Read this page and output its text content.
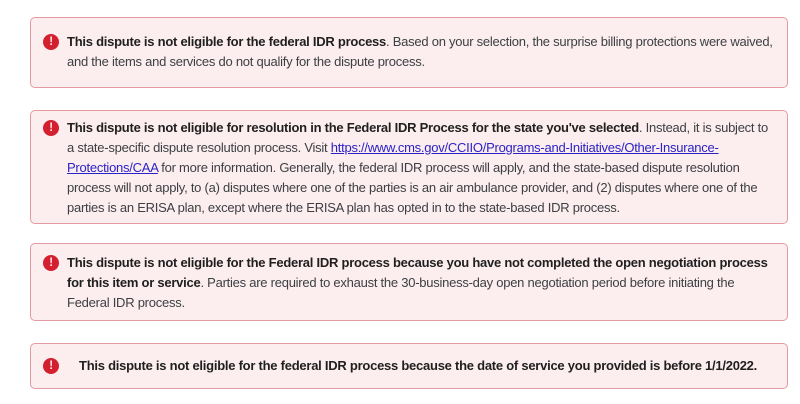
!	This dispute is not eligible for the federal IDR process. Based on your selection, the surprise billing protections were waived, and the items and services do not qualify for the dispute process.
!	This dispute is not eligible for resolution in the Federal IDR Process for the state you've selected. Instead, it is subject to a state-specific dispute resolution process. Visit https://www.cms.gov/CCIIO/Programs-and-Initiatives/Other-Insurance-Protections/CAA for more information. Generally, the federal IDR process will apply, and the state-based dispute resolution process will not apply, to (a) disputes where one of the parties is an air ambulance provider, and (2) disputes where one of the parties is an ERISA plan, except where the ERISA plan has opted in to the state-based IDR process.
!	This dispute is not eligible for the Federal IDR process because you have not completed the open negotiation process for this item or service. Parties are required to exhaust the 30-business-day open negotiation period before initiating the Federal IDR process.
!	This dispute is not eligible for the federal IDR process because the date of service you provided is before 1/1/2022.
